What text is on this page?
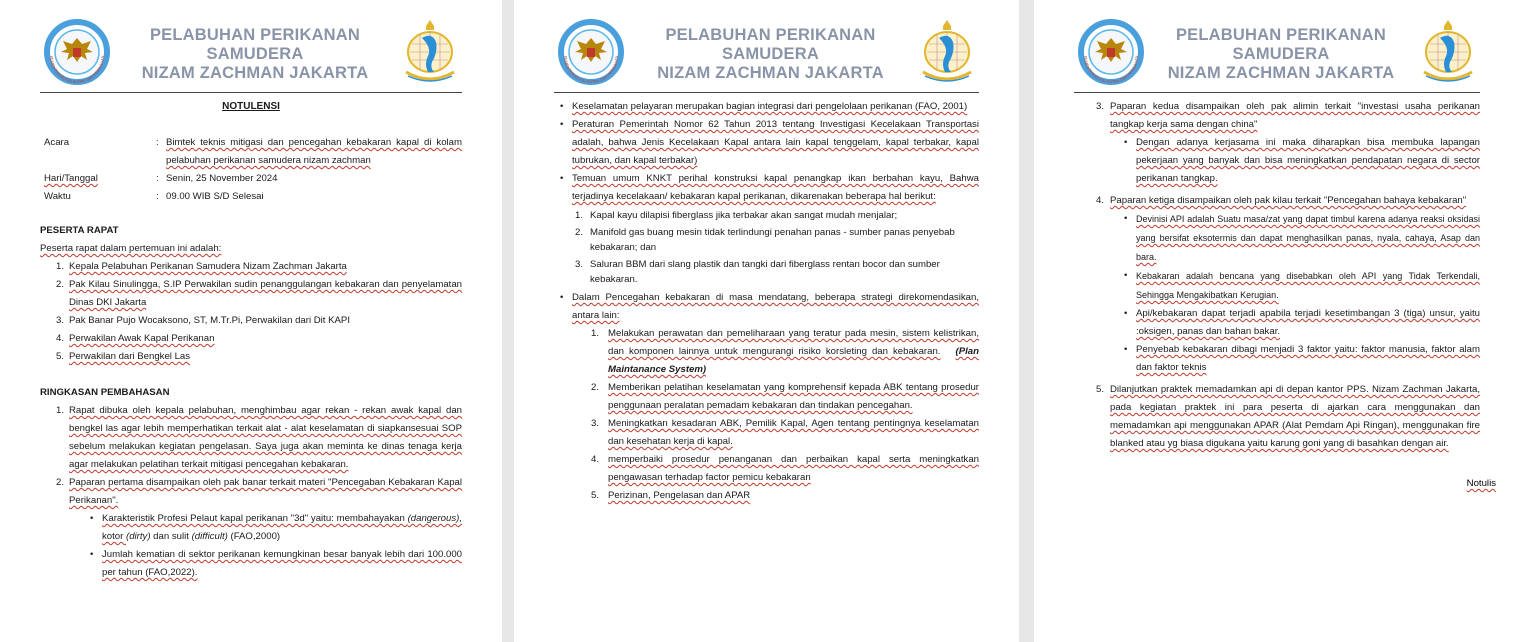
KEMENTERIAN KELAUTAN DAN PERIKANAN
PELABUHAN PERIKANAN
SAMUDERA
NIZAM ZACHMAN JAKARTA
NOTULENSI
Acara	: Bimtek teknis mitigasi dan pencegahan kebakaran kapal di kolam pelabuhan perikanan samudera nizam zachman
Hari/Tanggal	: Senin, 25 November 2024
Waktu	: 09.00 WIB S/D Selesai
PESERTA RAPAT
Peserta rapat dalam pertemuan ini adalah:
1. Kepala Pelabuhan Perikanan Samudera Nizam Zachman Jakarta
2. Pak Kilau Sinulingga, S.IP Perwakilan sudin penanggulangan kebakaran dan penyelamatan Dinas DKI Jakarta
3. Pak Banar Pujo Wocaksono, ST, M.Tr.Pi, Perwakilan dari Dit KAPI
4. Perwakilan Awak Kapal Perikanan
5. Perwakilan dari Bengkel Las
RINGKASAN PEMBAHASAN
1. Rapat dibuka oleh kepala pelabuhan, menghimbau agar rekan - rekan awak kapal dan bengkel las agar lebih memperhatikan terkait alat - alat keselamatan di siapkansesuai SOP sebelum melakukan kegiatan pengelasan. Saya juga akan meminta ke dinas tenaga kerja agar melakukan pelatihan terkait mitigasi pencegahan kebakaran.
2. Paparan pertama disampaikan oleh pak banar terkait materi "Pencegaban Kebakaran Kapal Perikanan".
• Karakteristik Profesi Pelaut kapal perikanan "3d" yaitu: membahayakan (dangerous), kotor (dirty) dan sulit (difficult) (FAO,2000)
• Jumlah kematian di sektor perikanan kemungkinan besar banyak lebih dari 100.000 per tahun (FAO,2022).
KEMENTERIAN KELAUTAN DAN PERIKANAN
PELABUHAN PERIKANAN
SAMUDERA
NIZAM ZACHMAN JAKARTA
• Keselamatan pelayaran merupakan bagian integrasi dari pengelolaan perikanan (FAO, 2001)
• Peraturan Pemerintah Nomor 62 Tahun 2013 tentang Investigasi Kecelakaan Transportasi adalah, bahwa Jenis Kecelakaan Kapal antara lain kapal tenggelam, kapal terbakar, kapal tubrukan, dan kapal terbakar)
• Temuan umum KNKT perihal konstruksi kapal penangkap ikan berbahan kayu, Bahwa terjadinya kecelakaan/ kebakaran kapal perikanan, dikarenakan beberapa hal berikut:
1. Kapal kayu dilapisi fiberglass jika terbakar akan sangat mudah menjalar;
2. Manifold gas buang mesin tidak terlindungi penahan panas - sumber panas penyebab kebakaran; dan
3. Saluran BBM dari slang plastik dan tangki dari fiberglass rentan bocor dan sumber kebakaran.
• Dalam Pencegahan kebakaran di masa mendatang, beberapa strategi direkomendasikan, antara lain:
1. Melakukan perawatan dan pemeliharaan yang teratur pada mesin, sistem kelistrikan, dan komponen lainnya untuk mengurangi risiko korsleting dan kebakaran. (Plan Maintanance System)
2. Memberikan pelatihan keselamatan yang komprehensif kepada ABK tentang prosedur penggunaan peralatan pemadam kebakaran dan tindakan pencegahan.
3. Meningkatkan kesadaran ABK, Pemilik Kapal, Agen tentang pentingnya keselamatan dan kesehatan kerja di kapal.
4. memperbaiki prosedur penanganan dan perbaikan kapal serta meningkatkan pengawasan terhadap factor pemicu kebakaran
5. Perizinan, Pengelasan dan APAR
KEMENTERIAN KELAUTAN DAN PERIKANAN
PELABUHAN PERIKANAN
SAMUDERA
NIZAM ZACHMAN JAKARTA
3. Paparan kedua disampaikan oleh pak alimin terkait "investasi usaha perikanan tangkap kerja sama dengan china"
• Dengan adanya kerjasama ini maka diharapkan bisa membuka lapangan pekerjaan yang banyak dan bisa meningkatkan pendapatan negara di sector perikanan tangkap.
4. Paparan ketiga disampaikan oleh pak kilau terkait "Pencegahan bahaya kebakaran"
• Devinisi API adalah Suatu masa/zat yang dapat timbul karena adanya reaksi oksidasi yang bersifat eksotermis dan dapat menghasilkan panas, nyala, cahaya, Asap dan bara.
• Kebakaran adalah bencana yang disebabkan oleh API yang Tidak Terkendali, Sehingga Mengakibatkan Kerugian.
• Api/kebakaran dapat terjadi apabila terjadi kesetimbangan 3 (tiga) unsur, yaitu :oksigen, panas dan bahan bakar.
• Penyebab kebakaran dibagi menjadi 3 faktor yaitu: faktor manusia, faktor alam dan faktor teknis
5. Dilanjutkan praktek memadamkan api di depan kantor PPS. Nizam Zachman Jakarta, pada kegiatan praktek ini para peserta di ajarkan cara menggunakan dan memadamkan api menggunakan APAR (Alat Pemdam Api Ringan), menggunakan fire blanked atau yg biasa digukana yaitu karung goni yang di basahkan dengan air.
Notulis
